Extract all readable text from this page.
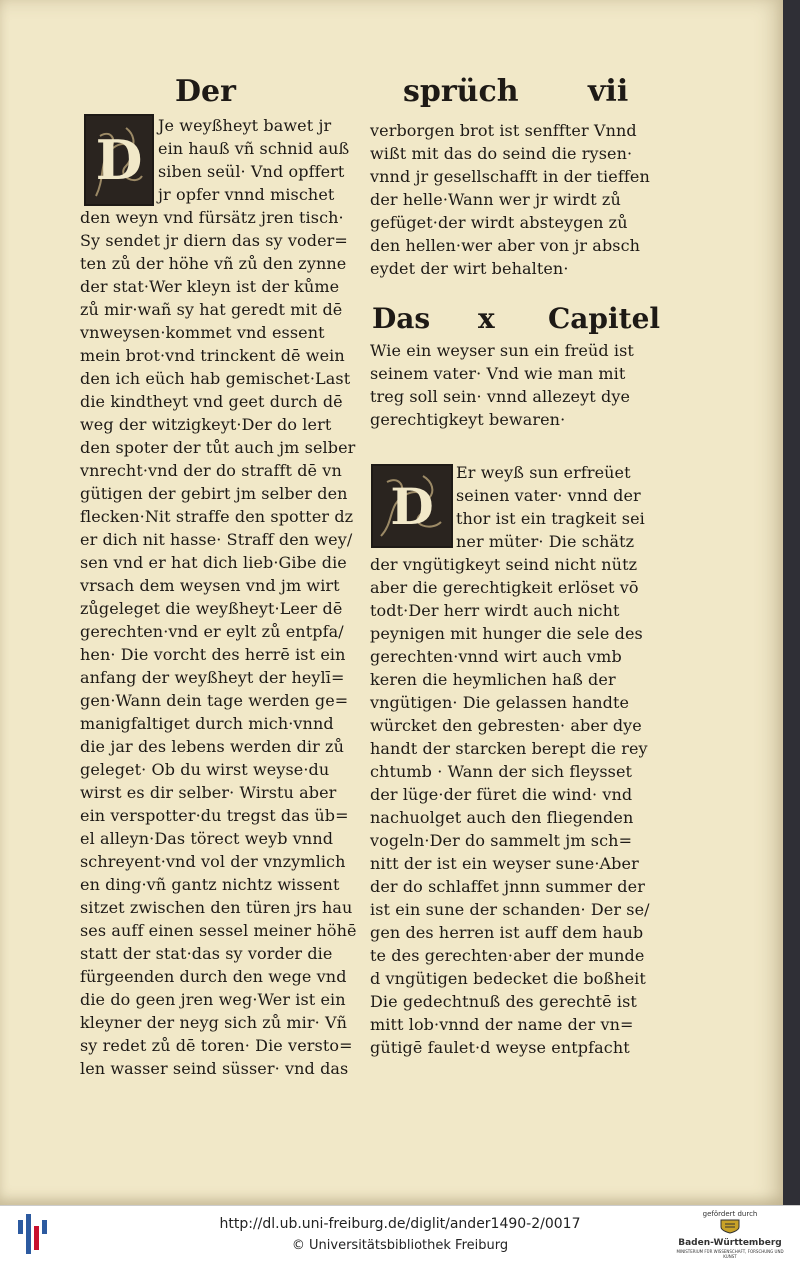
Der	sprüch vii
D
D
Je weyßheyt bawet jr
ein hauß vñ schnid auß
siben seül· Vnd opffert
jr opfer vnnd mischet
den weyn vnd fürsätz jren tisch·
Sy sendet jr diern das sy voder=
ten zů der höhe vñ zů den zynne
der stat·Wer kleyn ist der kůme
zů mir·wañ sy hat geredt mit dē
vnweysen·kommet vnd essent
mein brot·vnd trinckent dē wein
den ich eüch hab gemischet·Last
die kindtheyt vnd geet durch dē
weg der witzigkeyt·Der do lert
den spoter der tůt auch jm selber
vnrecht·vnd der do strafft dē vn
gütigen der gebirt jm selber den
flecken·Nit straffe den spotter dz
er dich nit hasse· Straff den wey/
sen vnd er hat dich lieb·Gibe die
vrsach dem weysen vnd jm wirt
zůgeleget die weyßheyt·Leer dē
gerechten·vnd er eylt zů entpfa/
hen· Die vorcht des herrē ist ein
anfang der weyßheyt der heylī=
gen·Wann dein tage werden ge=
manigfaltiget durch mich·vnnd
die jar des lebens werden dir zů
geleget· Ob du wirst weyse·du
wirst es dir selber· Wirstu aber
ein verspotter·du tregst das üb=
el alleyn·Das törect weyb vnnd
schreyent·vnd vol der vnzymlich
en ding·vñ gantz nichtz wissent
sitzet zwischen den türen jrs hau
ses auff einen sessel meiner höhē
statt der stat·das sy vorder die
fürgeenden durch den wege vnd
die do geen jren weg·Wer ist ein
kleyner der neyg sich zů mir· Vñ
sy redet zů dē toren· Die versto=
len wasser seind süsser· vnd das
verborgen brot ist senffter Vnnd
wißt mit das do seind die rysen·
vnnd jr gesellschafft in der tieffen
der helle·Wann wer jr wirdt zů
gefüget·der wirdt absteygen zů
den hellen·wer aber von jr absch
eydet der wirt behalten·
Das x Capitel
Wie ein weyser sun ein freüd ist
seinem vater· Vnd wie man mit
treg soll sein· vnnd allezeyt dye
gerechtigkeyt bewaren·
Er weyß sun erfreüet
seinen vater· vnnd der
thor ist ein tragkeit sei
ner müter· Die schätz
der vngütigkeyt seind nicht nütz
aber die gerechtigkeit erlöset vō
todt·Der herr wirdt auch nicht
peynigen mit hunger die sele des
gerechten·vnnd wirt auch vmb
keren die heymlichen haß der
vngütigen· Die gelassen handte
würcket den gebresten· aber dye
handt der starcken berept die rey
chtumb · Wann der sich fleysset
der lüge·der füret die wind· vnd
nachuolget auch den fliegenden
vogeln·Der do sammelt jm sch=
nitt der ist ein weyser sune·Aber
der do schlaffet jnnn summer der
ist ein sune der schanden· Der se/
gen des herren ist auff dem haub
te des gerechten·aber der munde
d vngütigen bedecket die boßheit
Die gedechtnuß des gerechtē ist
mitt lob·vnnd der name der vn=
gütigē faulet·d weyse entpfacht
http://dl.ub.uni-freiburg.de/diglit/ander1490-2/0017
© Universitätsbibliothek Freiburg
gefördert durch
Baden-Württemberg
MINISTERIUM FÜR WISSENSCHAFT, FORSCHUNG UND KUNST
